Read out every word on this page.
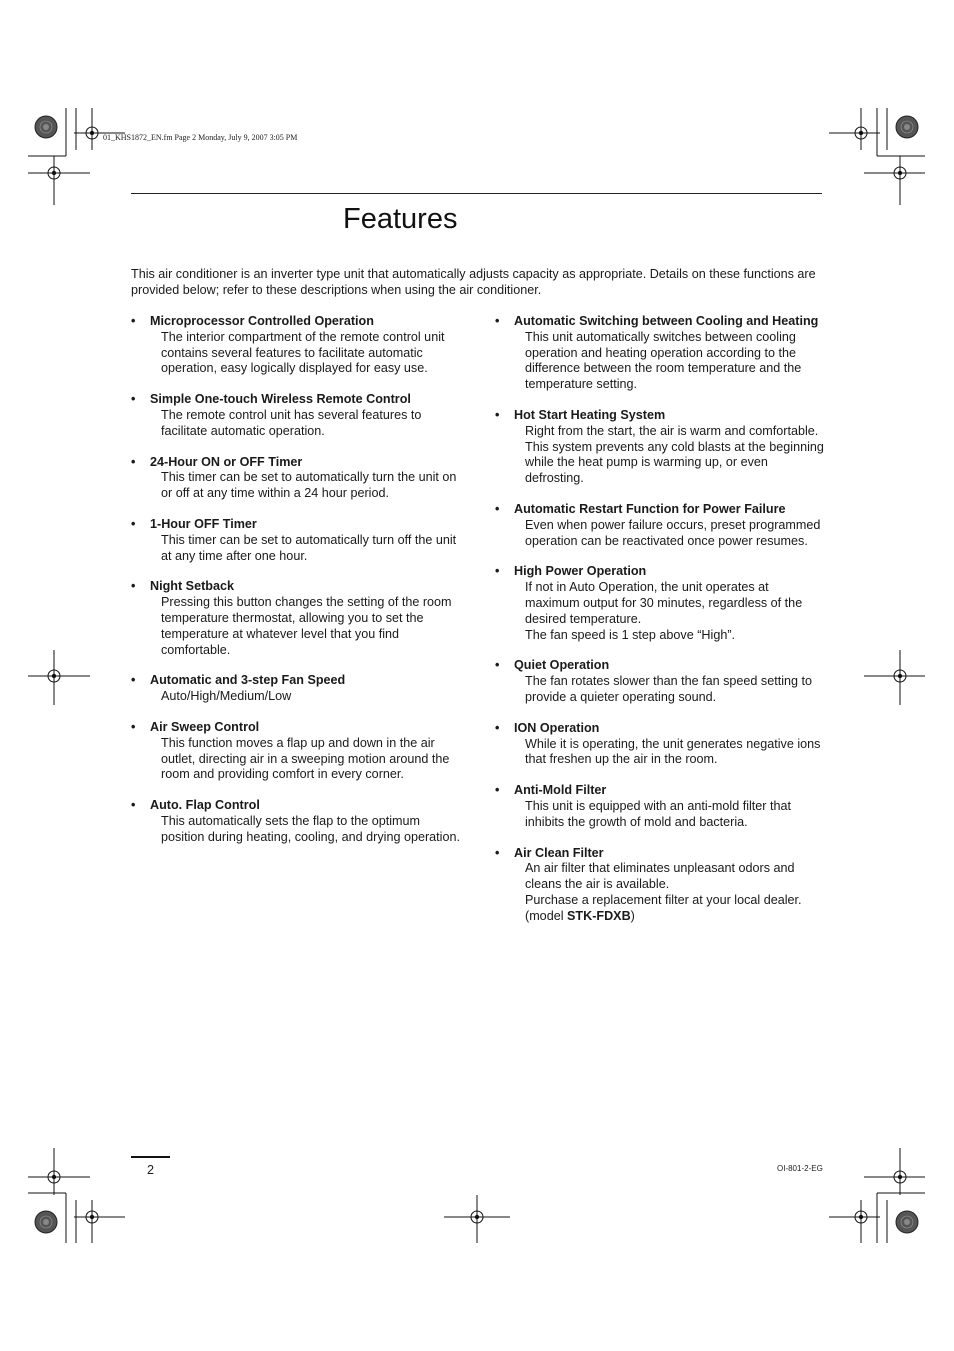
01_KHS1872_EN.fm Page 2 Monday, July 9, 2007 3:05 PM
Features

This air conditioner is an inverter type unit that automatically adjusts capacity as appropriate. Details on these functions are provided below; refer to these descriptions when using the air conditioner.

• Microprocessor Controlled Operation
The interior compartment of the remote control unit contains several features to facilitate automatic operation, easy logically displayed for easy use.
• Simple One-touch Wireless Remote Control
The remote control unit has several features to facilitate automatic operation.
• 24-Hour ON or OFF Timer
This timer can be set to automatically turn the unit on or off at any time within a 24 hour period.
• 1-Hour OFF Timer
This timer can be set to automatically turn off the unit at any time after one hour.
• Night Setback
Pressing this button changes the setting of the room temperature thermostat, allowing you to set the temperature at whatever level that you find comfortable.
• Automatic and 3-step Fan Speed
Auto/High/Medium/Low
• Air Sweep Control
This function moves a flap up and down in the air outlet, directing air in a sweeping motion around the room and providing comfort in every corner.
• Auto. Flap Control
This automatically sets the flap to the optimum position during heating, cooling, and drying operation.
• Automatic Switching between Cooling and Heating
This unit automatically switches between cooling operation and heating operation according to the difference between the room temperature and the temperature setting.
• Hot Start Heating System
Right from the start, the air is warm and comfortable. This system prevents any cold blasts at the beginning while the heat pump is warming up, or even defrosting.
• Automatic Restart Function for Power Failure
Even when power failure occurs, preset programmed operation can be reactivated once power resumes.
• High Power Operation
If not in Auto Operation, the unit operates at maximum output for 30 minutes, regardless of the desired temperature.
The fan speed is 1 step above “High”.
• Quiet Operation
The fan rotates slower than the fan speed setting to provide a quieter operating sound.
• ION Operation
While it is operating, the unit generates negative ions that freshen up the air in the room.
• Anti-Mold Filter
This unit is equipped with an anti-mold filter that inhibits the growth of mold and bacteria.
• Air Clean Filter
An air filter that eliminates unpleasant odors and cleans the air is available.
Purchase a replacement filter at your local dealer.
(model STK-FDXB)
2	OI-801-2-EG
